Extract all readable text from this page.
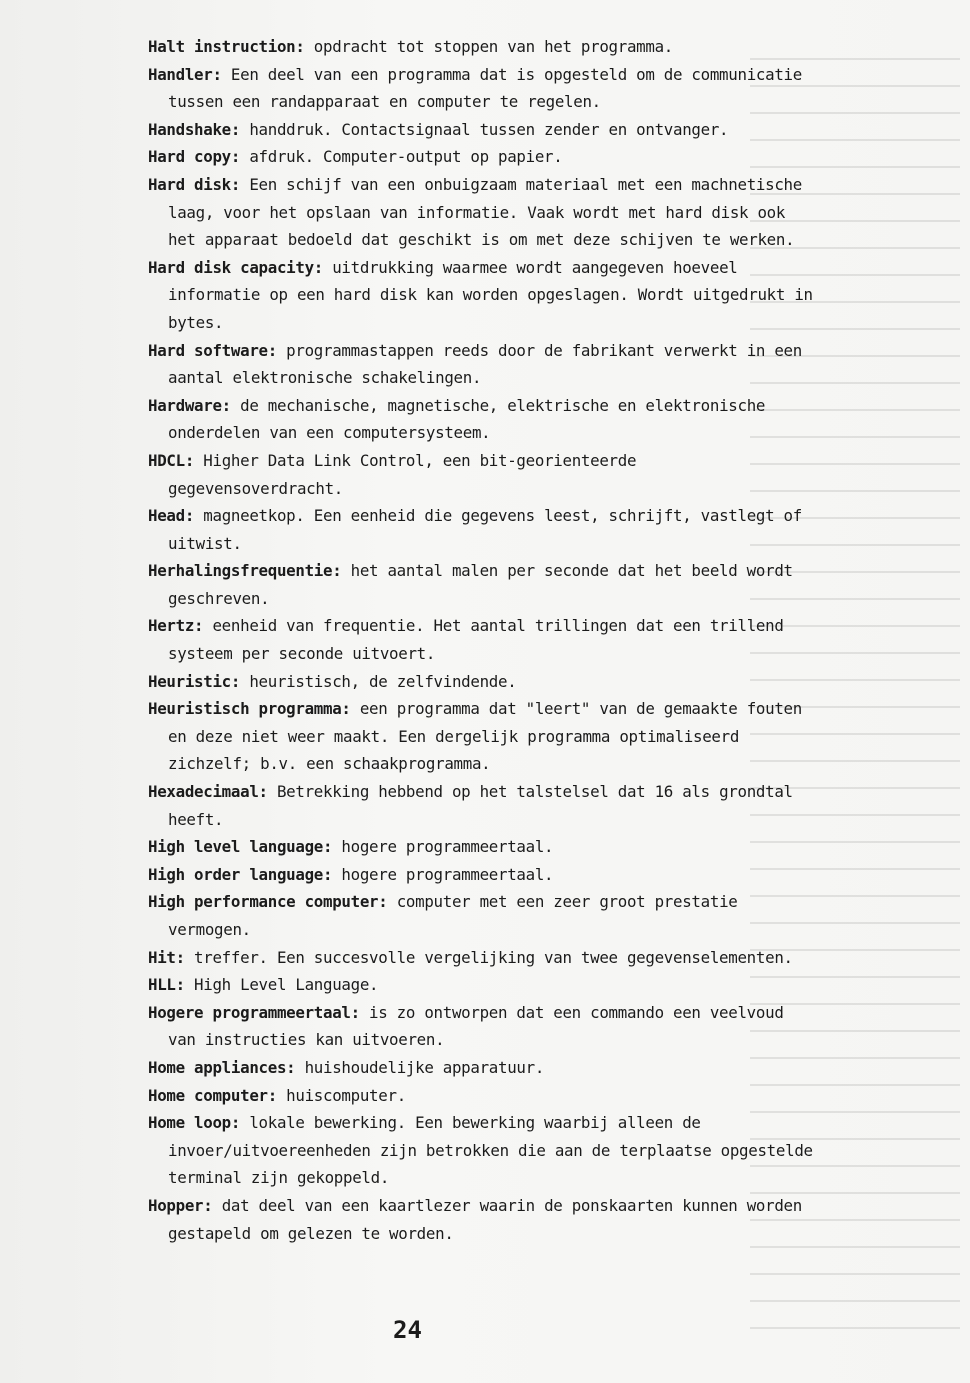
Halt instruction: opdracht tot stoppen van het programma.

Handler: Een deel van een programma dat is opgesteld om de communicatie tussen een randapparaat en computer te regelen.

Handshake: handdruk. Contactsignaal tussen zender en ontvanger.

Hard copy: afdruk. Computer-output op papier.

Hard disk: Een schijf van een onbuigzaam materiaal met een machnetische laag, voor het opslaan van informatie. Vaak wordt met hard disk ook het apparaat bedoeld dat geschikt is om met deze schijven te werken.

Hard disk capacity: uitdrukking waarmee wordt aangegeven hoeveel informatie op een hard disk kan worden opgeslagen. Wordt uitgedrukt in bytes.

Hard software: programmastappen reeds door de fabrikant verwerkt in een aantal elektronische schakelingen.

Hardware: de mechanische, magnetische, elektrische en elektronische onderdelen van een computersysteem.

HDCL: Higher Data Link Control, een bit-georienteerde gegevensoverdracht.

Head: magneetkop. Een eenheid die gegevens leest, schrijft, vastlegt of uitwist.

Herhalingsfrequentie: het aantal malen per seconde dat het beeld wordt geschreven.

Hertz: eenheid van frequentie. Het aantal trillingen dat een trillend systeem per seconde uitvoert.

Heuristic: heuristisch, de zelfvindende.

Heuristisch programma: een programma dat "leert" van de gemaakte fouten en deze niet weer maakt. Een dergelijk programma optimaliseerd zichzelf; b.v. een schaakprogramma.

Hexadecimaal: Betrekking hebbend op het talstelsel dat 16 als grondtal heeft.

High level language: hogere programmeertaal.

High order language: hogere programmeertaal.

High performance computer: computer met een zeer groot prestatie vermogen.

Hit: treffer. Een succesvolle vergelijking van twee gegevenselementen.

HLL: High Level Language.

Hogere programmeertaal: is zo ontworpen dat een commando een veelvoud van instructies kan uitvoeren.

Home appliances: huishoudelijke apparatuur.

Home computer: huiscomputer.

Home loop: lokale bewerking. Een bewerking waarbij alleen de invoer/uitvoereenheden zijn betrokken die aan de terplaatse opgestelde terminal zijn gekoppeld.

Hopper: dat deel van een kaartlezer waarin de ponskaarten kunnen worden gestapeld om gelezen te worden.

24
